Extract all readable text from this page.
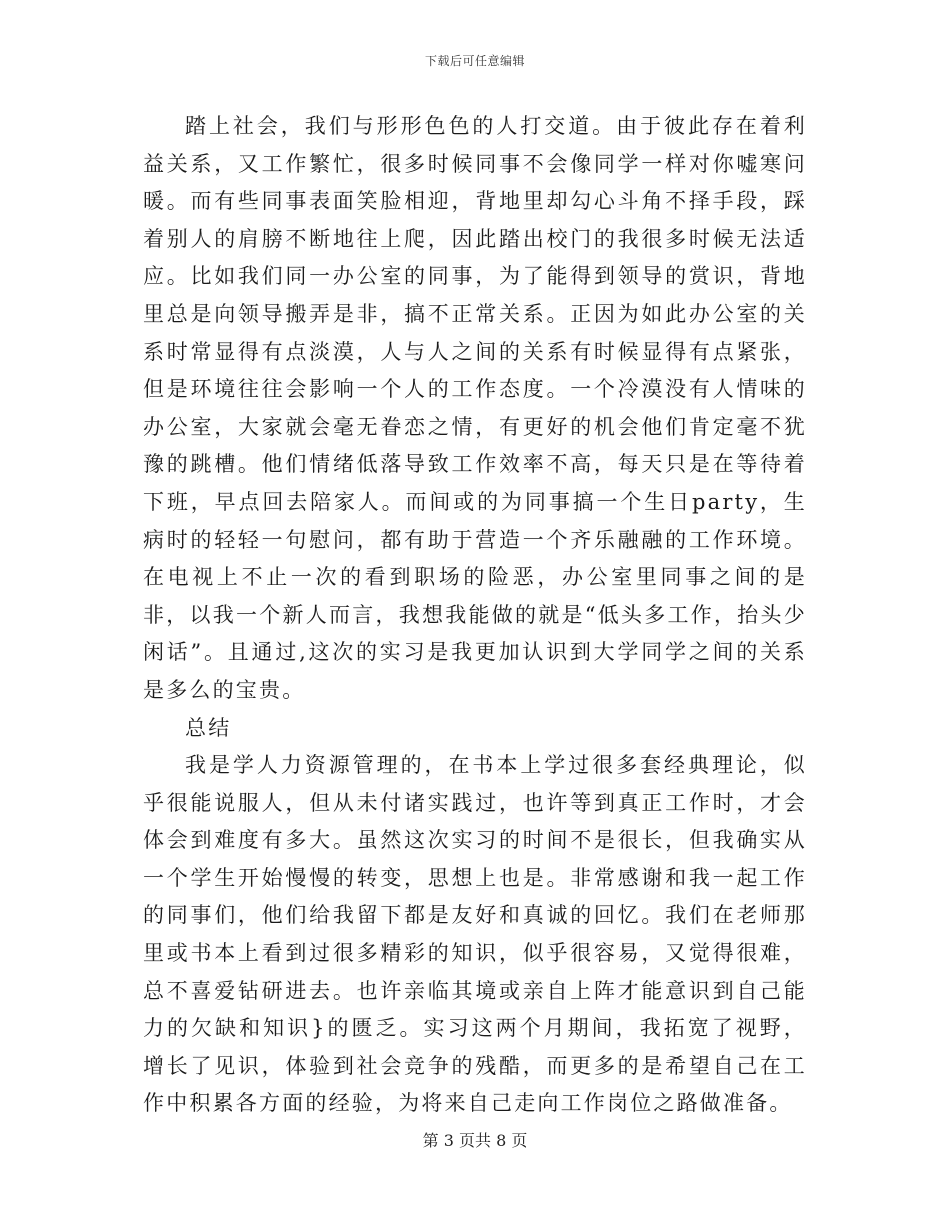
下载后可任意编辑

踏上社会，我们与形形色色的人打交道。由于彼此存在着利益关系，又工作繁忙，很多时候同事不会像同学一样对你嘘寒问暖。而有些同事表面笑脸相迎，背地里却勾心斗角不择手段，踩着别人的肩膀不断地往上爬，因此踏出校门的我很多时候无法适应。比如我们同一办公室的同事，为了能得到领导的赏识，背地里总是向领导搬弄是非，搞不正常关系。正因为如此办公室的关系时常显得有点淡漠，人与人之间的关系有时候显得有点紧张，但是环境往往会影响一个人的工作态度。一个冷漠没有人情味的办公室，大家就会毫无眷恋之情，有更好的机会他们肯定毫不犹豫的跳槽。他们情绪低落导致工作效率不高，每天只是在等待着下班，早点回去陪家人。而间或的为同事搞一个生日party，生病时的轻轻一句慰问，都有助于营造一个齐乐融融的工作环境。在电视上不止一次的看到职场的险恶，办公室里同事之间的是非，以我一个新人而言，我想我能做的就是“低头多工作，抬头少闲话”。且通过,这次的实习是我更加认识到大学同学之间的关系是多么的宝贵。

总结

我是学人力资源管理的，在书本上学过很多套经典理论，似乎很能说服人，但从未付诸实践过，也许等到真正工作时，才会体会到难度有多大。虽然这次实习的时间不是很长，但我确实从一个学生开始慢慢的转变，思想上也是。非常感谢和我一起工作的同事们，他们给我留下都是友好和真诚的回忆。我们在老师那里或书本上看到过很多精彩的知识，似乎很容易，又觉得很难，总不喜爱钻研进去。也许亲临其境或亲自上阵才能意识到自己能力的欠缺和知识}的匮乏。实习这两个月期间，我拓宽了视野，增长了见识，体验到社会竞争的残酷，而更多的是希望自己在工作中积累各方面的经验，为将来自己走向工作岗位之路做准备。

第 3 页共 8 页
